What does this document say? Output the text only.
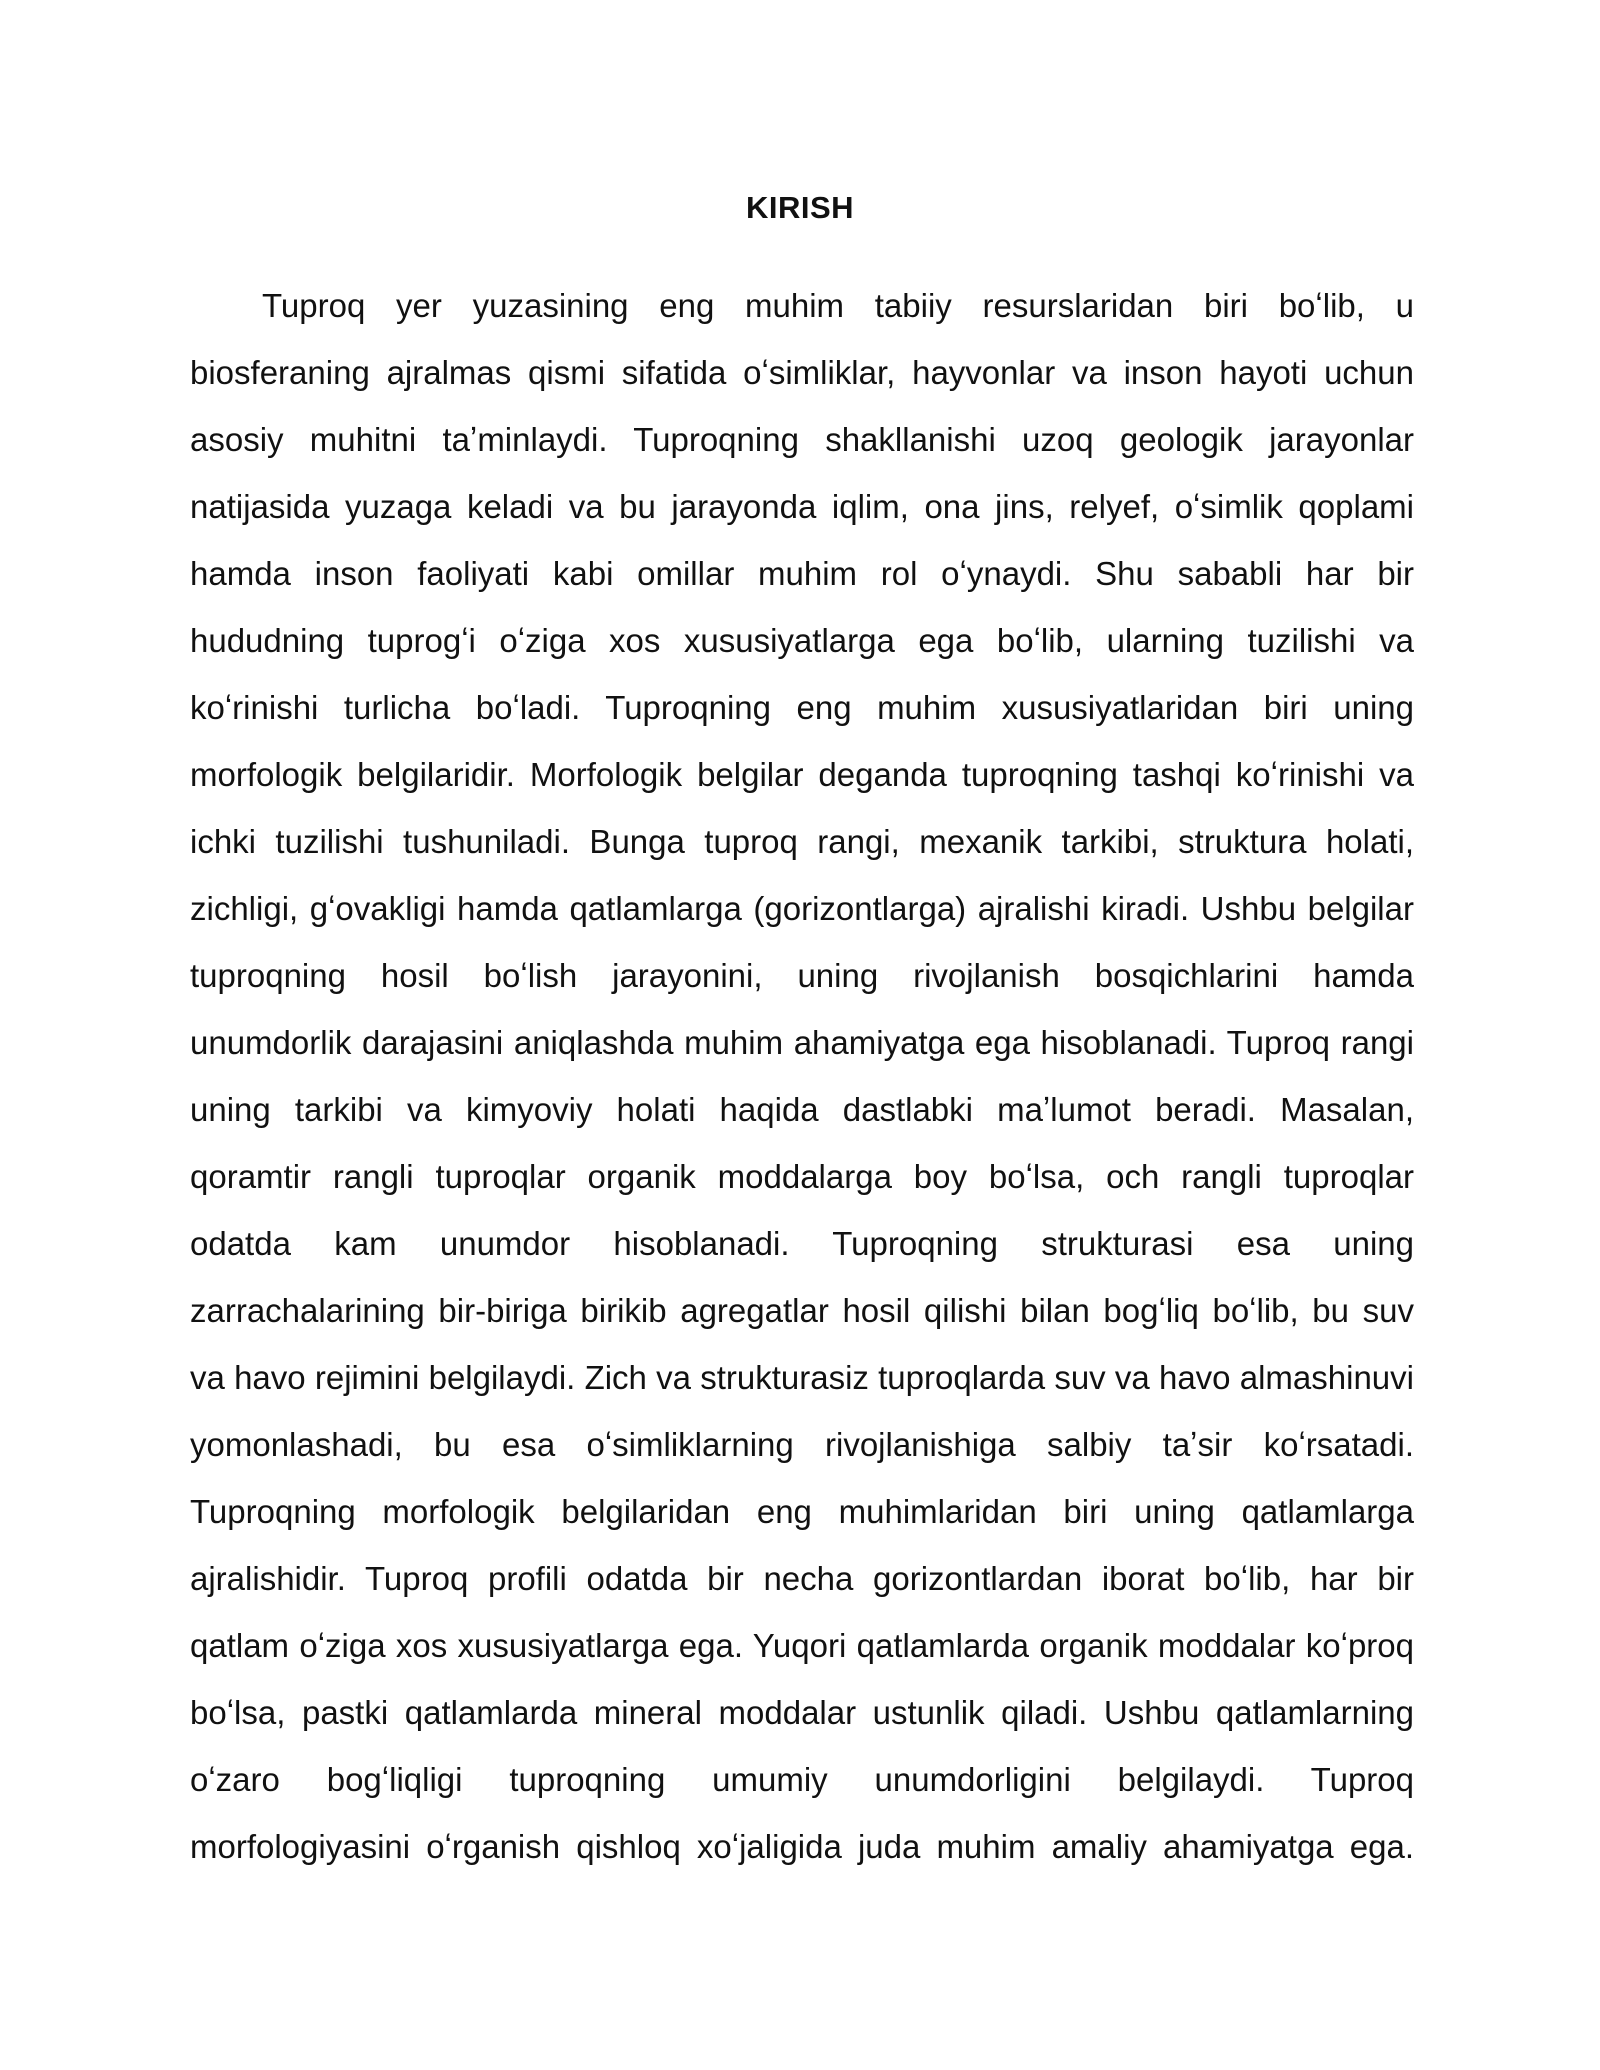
KIRISH
Tuproq yer yuzasining eng muhim tabiiy resurslaridan biri boʻlib, u
biosferaning ajralmas qismi sifatida oʻsimliklar, hayvonlar va inson hayoti uchun
asosiy muhitni taʼminlaydi. Tuproqning shakllanishi uzoq geologik jarayonlar
natijasida yuzaga keladi va bu jarayonda iqlim, ona jins, relyef, oʻsimlik qoplami
hamda inson faoliyati kabi omillar muhim rol oʻynaydi. Shu sababli har bir
hududning tuprogʻi oʻziga xos xususiyatlarga ega boʻlib, ularning tuzilishi va
koʻrinishi turlicha boʻladi. Tuproqning eng muhim xususiyatlaridan biri uning
morfologik belgilaridir. Morfologik belgilar deganda tuproqning tashqi koʻrinishi va
ichki tuzilishi tushuniladi. Bunga tuproq rangi, mexanik tarkibi, struktura holati,
zichligi, gʻovakligi hamda qatlamlarga (gorizontlarga) ajralishi kiradi. Ushbu belgilar
tuproqning hosil boʻlish jarayonini, uning rivojlanish bosqichlarini hamda
unumdorlik darajasini aniqlashda muhim ahamiyatga ega hisoblanadi. Tuproq rangi
uning tarkibi va kimyoviy holati haqida dastlabki maʼlumot beradi. Masalan,
qoramtir rangli tuproqlar organik moddalarga boy boʻlsa, och rangli tuproqlar
odatda kam unumdor hisoblanadi. Tuproqning strukturasi esa uning
zarrachalarining bir-biriga birikib agregatlar hosil qilishi bilan bogʻliq boʻlib, bu suv
va havo rejimini belgilaydi. Zich va strukturasiz tuproqlarda suv va havo almashinuvi
yomonlashadi, bu esa oʻsimliklarning rivojlanishiga salbiy taʼsir koʻrsatadi.
Tuproqning morfologik belgilaridan eng muhimlaridan biri uning qatlamlarga
ajralishidir. Tuproq profili odatda bir necha gorizontlardan iborat boʻlib, har bir
qatlam oʻziga xos xususiyatlarga ega. Yuqori qatlamlarda organik moddalar koʻproq
boʻlsa, pastki qatlamlarda mineral moddalar ustunlik qiladi. Ushbu qatlamlarning
oʻzaro bogʻliqligi tuproqning umumiy unumdorligini belgilaydi. Tuproq
morfologiyasini oʻrganish qishloq xoʻjaligida juda muhim amaliy ahamiyatga ega.
